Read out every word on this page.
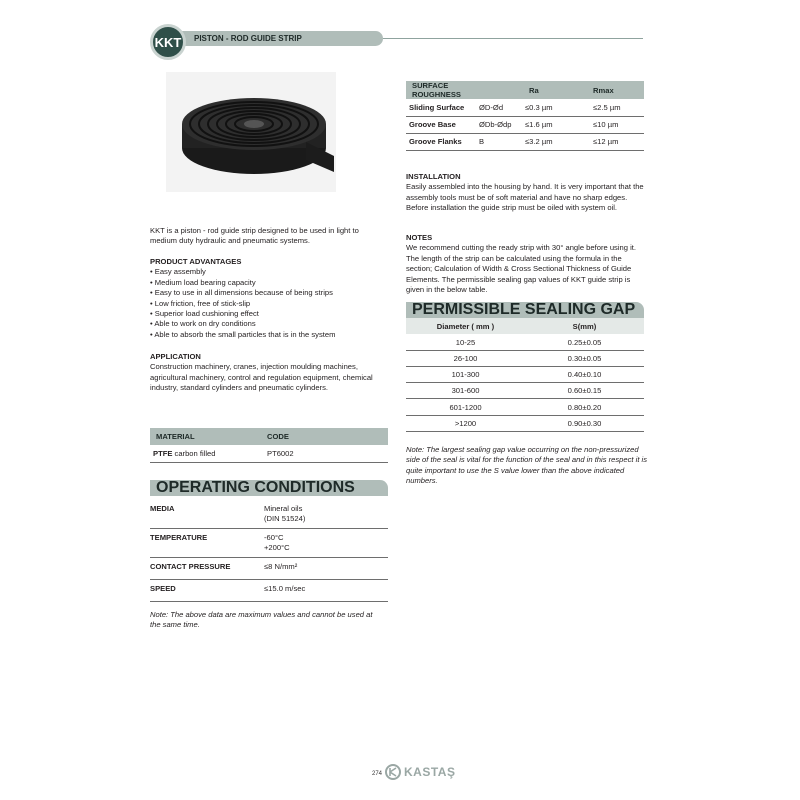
PISTON - ROD GUIDE STRIP
KKT
KKT is a piston - rod guide strip designed to be used in light to medium duty hydraulic and pneumatic systems.
PRODUCT ADVANTAGES
• Easy assembly
• Medium load bearing capacity
• Easy to use in all dimensions because of being strips
• Low friction, free of stick-slip
• Superior load cushioning effect
• Able to work on dry conditions
• Able to absorb the small particles that is in the system
APPLICATION
Construction machinery, cranes, injection moulding machines, agricultural machinery, control and regulation equipment, chemical industry, standard cylinders and pneumatic cylinders.
MATERIAL	CODE
PTFE carbon filled	PT6002
OPERATING CONDITIONS
MEDIA	Mineral oils
(DIN 51524)
TEMPERATURE	-60°C
+200°C
CONTACT PRESSURE	≤8 N/mm²
SPEED	≤15.0 m/sec
Note: The above data are maximum values and cannot be used at the same time.
SURFACE ROUGHNESS		Ra	Rmax
Sliding Surface	ØD-Ød	≤0.3 µm	≤2.5 µm
Groove Base	ØDb-Ødp	≤1.6 µm	≤10 µm
Groove Flanks	B	≤3.2 µm	≤12 µm
INSTALLATION
Easily assembled into the housing by hand. It is very important that the assembly tools must be of soft material and have no sharp edges. Before installation the guide strip must be oiled with system oil.
NOTES
We recommend cutting the ready strip with 30° angle before using it. The length of the strip can be calculated using the formula in the section; Calculation of Width & Cross Sectional Thickness of Guide Elements. The permissible sealing gap values of KKT guide strip is given in the below table.
PERMISSIBLE SEALING GAP
Diameter ( mm )	S(mm)
10-25	0.25±0.05
26-100	0.30±0.05
101-300	0.40±0.10
301-600	0.60±0.15
601-1200	0.80±0.20
>1200	0.90±0.30
Note: The largest sealing gap value occurring on the non-pressurized side of the seal is vital for the function of the seal and in this respect it is quite important to use the S value lower than the above indicated numbers.
274 KASTAŞ
